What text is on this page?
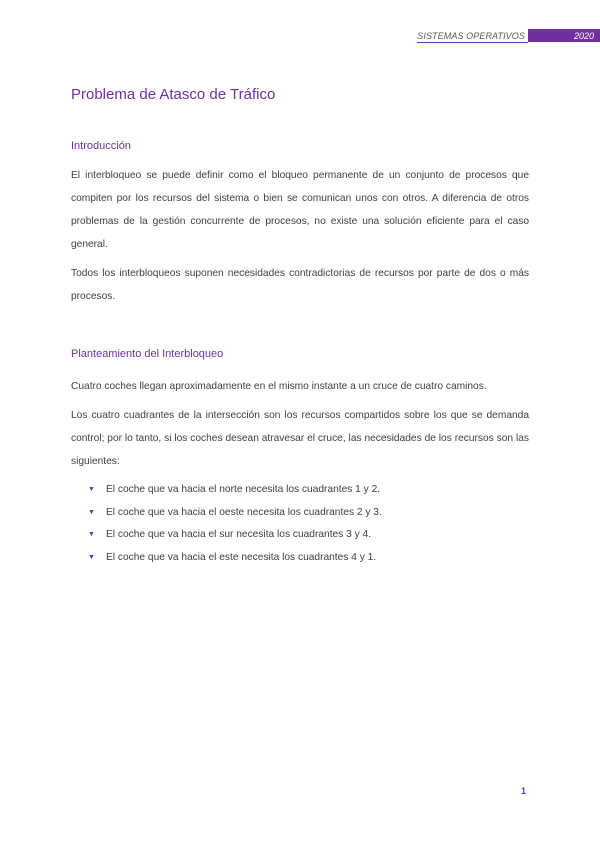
SISTEMAS OPERATIVOS	2020
Problema de Atasco de Tráfico
Introducción

El interbloqueo se puede definir como el bloqueo permanente de un conjunto de procesos que compiten por los recursos del sistema o bien se comunican unos con otros. A diferencia de otros problemas de la gestión concurrente de procesos, no existe una solución eficiente para el caso general.

Todos los interbloqueos suponen necesidades contradictorias de recursos por parte de dos o más procesos.

Planteamiento del Interbloqueo

Cuatro coches llegan aproximadamente en el mismo instante a un cruce de cuatro caminos.

Los cuatro cuadrantes de la intersección son los recursos compartidos sobre los que se demanda control; por lo tanto, si los coches desean atravesar el cruce, las necesidades de los recursos son las siguientes:

▼	El coche que va hacia el norte necesita los cuadrantes 1 y 2.
▼	El coche que va hacia el oeste necesita los cuadrantes 2 y 3.
▼	El coche que va hacia el sur necesita los cuadrantes 3 y 4.
▼	El coche que va hacia el este necesita los cuadrantes 4 y 1.
1
